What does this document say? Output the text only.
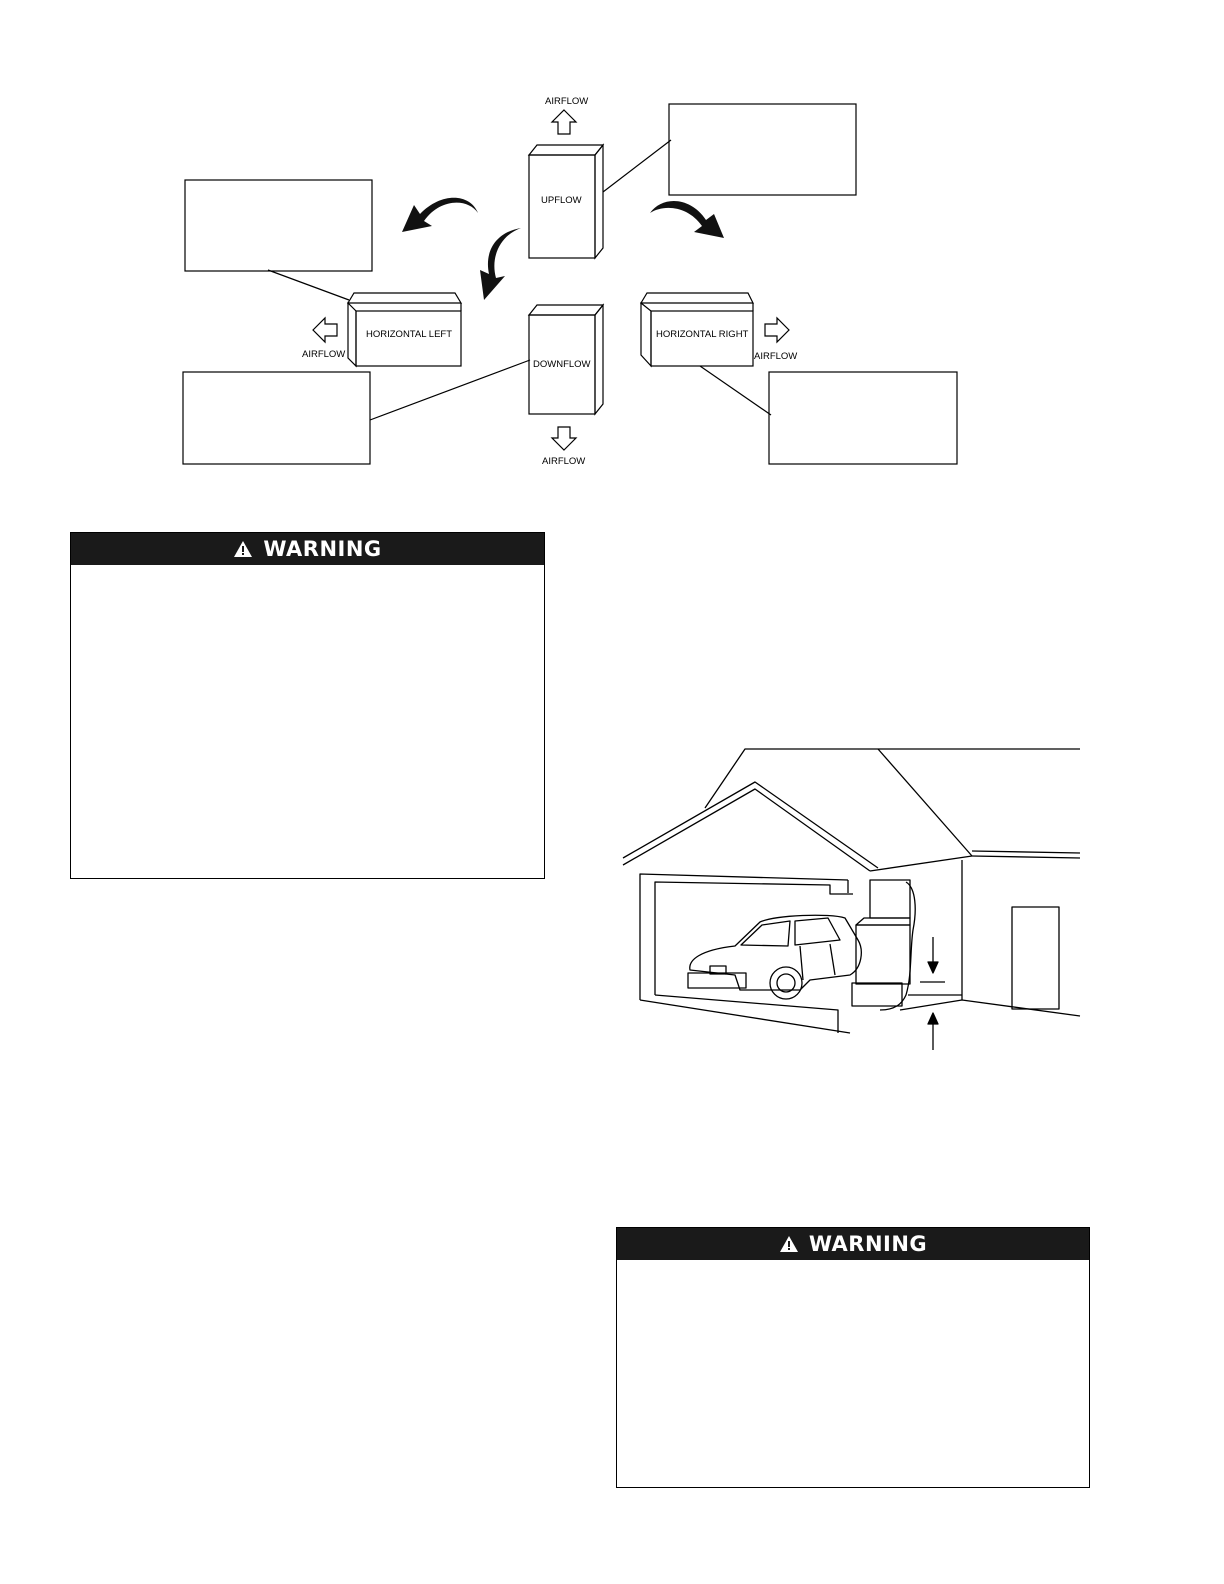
AIRFLOW
UPFLOW
HORIZONTAL LEFT
AIRFLOW
DOWNFLOW
HORIZONTAL RIGHT
AIRFLOW
AIRFLOW
WARNING
WARNING
